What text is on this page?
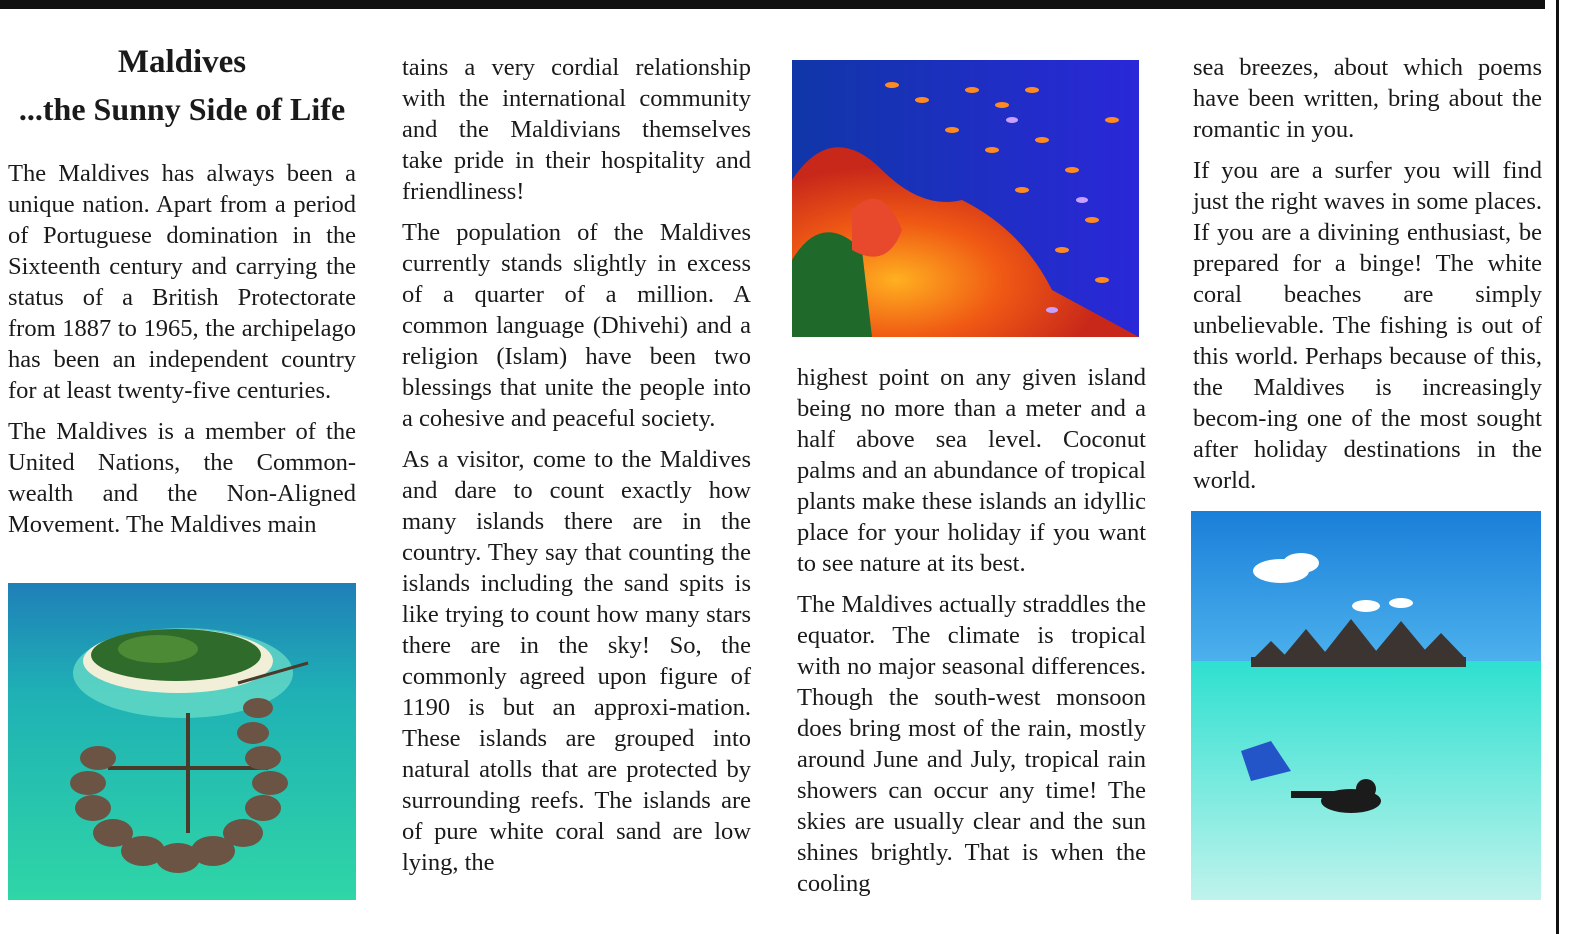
Maldives
...the Sunny Side of Life

The Maldives has always been a unique nation. Apart from a period of Portuguese domination in the Sixteenth century and carrying the status of a British Protectorate from 1887 to 1965, the archipelago has been an independent country for at least twenty-five centuries.

The Maldives is a member of the United Nations, the Common-wealth and the Non-Aligned Movement. The Maldives main

tains a very cordial relationship with the international community and the Maldivians themselves take pride in their hospitality and friendliness!

The population of the Maldives currently stands slightly in excess of a quarter of a million. A common language (Dhivehi) and a religion (Islam) have been two blessings that unite the people into a cohesive and peaceful society.

As a visitor, come to the Maldives and dare to count exactly how many islands there are in the country. They say that counting the islands including the sand spits is like trying to count how many stars there are in the sky! So, the commonly agreed upon figure of 1190 is but an approxi-mation. These islands are grouped into natural atolls that are protected by surrounding reefs. The islands are of pure white coral sand are low lying, the

highest point on any given island being no more than a meter and a half above sea level. Coconut palms and an abundance of tropical plants make these islands an idyllic place for your holiday if you want to see nature at its best.

The Maldives actually straddles the equator. The climate is tropical with no major seasonal differences. Though the south-west monsoon does bring most of the rain, mostly around June and July, tropical rain showers can occur any time! The skies are usually clear and the sun shines brightly. That is when the cooling

sea breezes, about which poems have been written, bring about the romantic in you.

If you are a surfer you will find just the right waves in some places. If you are a divining enthusiast, be prepared for a binge! The white coral beaches are simply unbelievable. The fishing is out of this world. Perhaps because of this, the Maldives is increasingly becom-ing one of the most sought after holiday destinations in the world.
